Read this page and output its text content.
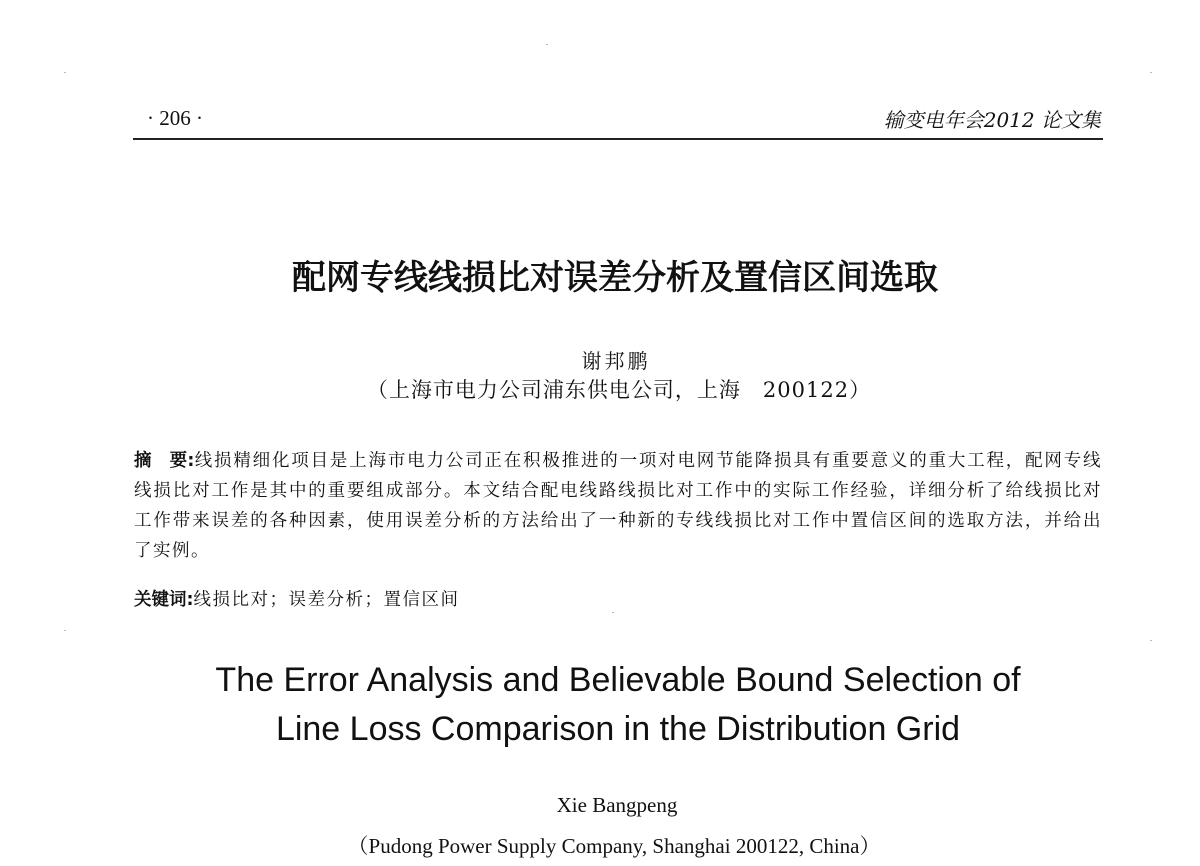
· 206 ·	输变电年会2012 论文集
配网专线线损比对误差分析及置信区间选取
谢邦鹏
（上海市电力公司浦东供电公司，上海　200122）
摘　要:线损精细化项目是上海市电力公司正在积极推进的一项对电网节能降损具有重要意义的重大工程，配网专线线损比对工作是其中的重要组成部分。本文结合配电线路线损比对工作中的实际工作经验，详细分析了给线损比对工作带来误差的各种因素，使用误差分析的方法给出了一种新的专线线损比对工作中置信区间的选取方法，并给出了实例。
关键词:线损比对；误差分析；置信区间
The Error Analysis and Believable Bound Selection of
Line Loss Comparison in the Distribution Grid
Xie Bangpeng
（Pudong Power Supply Company, Shanghai 200122, China）
